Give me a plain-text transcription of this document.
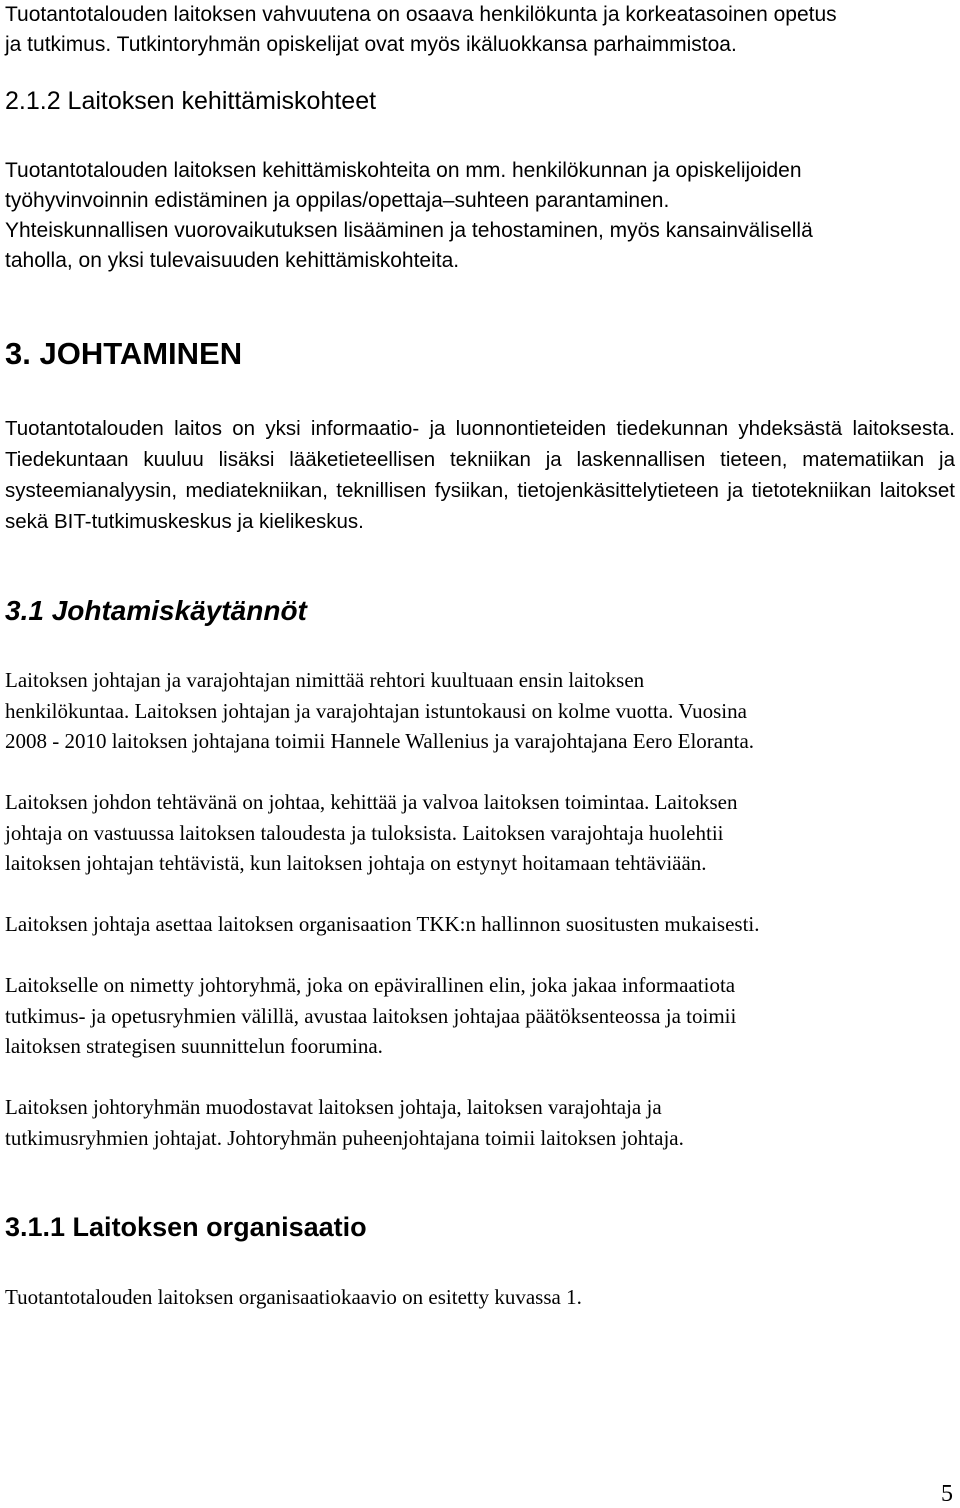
Tuotantotalouden laitoksen vahvuutena on osaava henkilökunta ja korkeatasoinen opetus
ja tutkimus. Tutkintoryhmän opiskelijat ovat myös ikäluokkansa parhaimmistoa.
2.1.2 Laitoksen kehittämiskohteet
Tuotantotalouden laitoksen kehittämiskohteita on mm. henkilökunnan ja opiskelijoiden
työhyvinvoinnin edistäminen ja oppilas/opettaja–suhteen parantaminen.
Yhteiskunnallisen vuorovaikutuksen lisääminen ja tehostaminen, myös kansainvälisellä
taholla, on yksi tulevaisuuden kehittämiskohteita.
3. JOHTAMINEN
Tuotantotalouden laitos on yksi informaatio- ja luonnontieteiden tiedekunnan yhdeksästä laitoksesta. Tiedekuntaan kuuluu lisäksi lääketieteellisen tekniikan ja laskennallisen tieteen, matematiikan ja systeemianalyysin, mediatekniikan, teknillisen fysiikan, tietojenkäsittelytieteen ja tietotekniikan laitokset sekä BIT-tutkimuskeskus ja kielikeskus.
3.1 Johtamiskäytännöt
Laitoksen johtajan ja varajohtajan nimittää rehtori kuultuaan ensin laitoksen
henkilökuntaa. Laitoksen johtajan ja varajohtajan istuntokausi on kolme vuotta. Vuosina
2008 - 2010 laitoksen johtajana toimii Hannele Wallenius ja varajohtajana Eero Eloranta.
Laitoksen johdon tehtävänä on johtaa, kehittää ja valvoa laitoksen toimintaa. Laitoksen
johtaja on vastuussa laitoksen taloudesta ja tuloksista. Laitoksen varajohtaja huolehtii
laitoksen johtajan tehtävistä, kun laitoksen johtaja on estynyt hoitamaan tehtäviään.
Laitoksen johtaja asettaa laitoksen organisaation TKK:n hallinnon suositusten mukaisesti.
Laitokselle on nimetty johtoryhmä, joka on epävirallinen elin, joka jakaa informaatiota
tutkimus- ja opetusryhmien välillä, avustaa laitoksen johtajaa päätöksenteossa ja toimii
laitoksen strategisen suunnittelun foorumina.
Laitoksen johtoryhmän muodostavat laitoksen johtaja, laitoksen varajohtaja ja
tutkimusryhmien johtajat. Johtoryhmän puheenjohtajana toimii laitoksen johtaja.
3.1.1 Laitoksen organisaatio
Tuotantotalouden laitoksen organisaatiokaavio on esitetty kuvassa 1.
5
